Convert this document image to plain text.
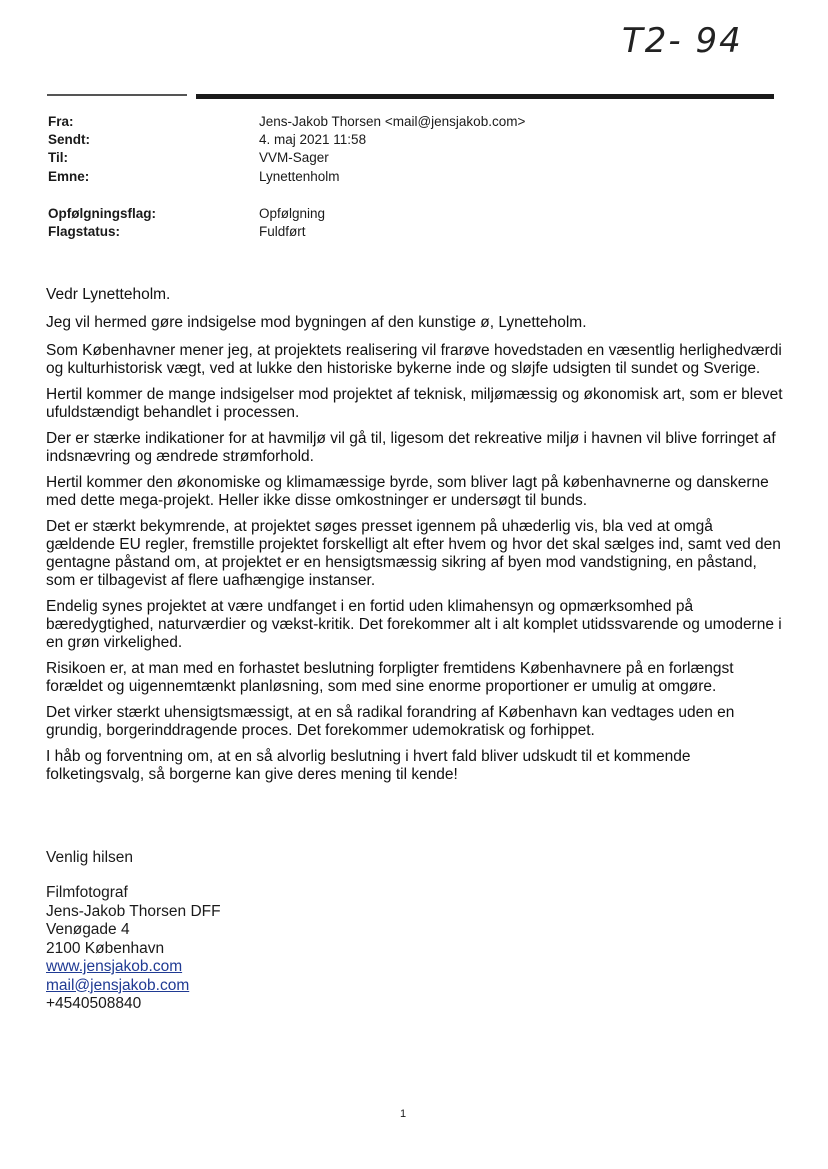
T2- 94
Fra:	Jens-Jakob Thorsen <mail@jensjakob.com>
Sendt:	4. maj 2021 11:58
Til:	VVM-Sager
Emne:	Lynettenholm
Opfølgningsflag:	Opfølgning
Flagstatus:	Fuldført

Vedr Lynetteholm.

Jeg vil hermed gøre indsigelse mod bygningen af den kunstige ø, Lynetteholm.

Som Københavner mener jeg, at projektets realisering vil frarøve hovedstaden en væsentlig herlighedværdi og kulturhistorisk vægt, ved at lukke den historiske bykerne inde og sløjfe udsigten til sundet og Sverige.

Hertil kommer de mange indsigelser mod projektet af teknisk, miljømæssig og økonomisk art, som er blevet ufuldstændigt behandlet i processen.

Der er stærke indikationer for at havmiljø vil gå til, ligesom det rekreative miljø i havnen vil blive forringet af indsnævring og ændrede strømforhold.

Hertil kommer den økonomiske og klimamæssige byrde, som bliver lagt på københavnerne og danskerne med dette mega-projekt. Heller ikke disse omkostninger er undersøgt til bunds.

Det er stærkt bekymrende, at projektet søges presset igennem på uhæderlig vis, bla ved at omgå gældende EU regler, fremstille projektet forskelligt alt efter hvem og hvor det skal sælges ind, samt ved den gentagne påstand om, at projektet er en hensigtsmæssig sikring af byen mod vandstigning, en påstand, som er tilbagevist af flere uafhængige instanser.

Endelig synes projektet at være undfanget i en fortid uden klimahensyn og opmærksomhed på bæredygtighed, naturværdier og vækst-kritik. Det forekommer alt i alt komplet utidssvarende og umoderne i en grøn virkelighed.

Risikoen er, at man med en forhastet beslutning forpligter fremtidens Københavnere på en forlængst forældet og uigennemtænkt planløsning, som med sine enorme proportioner er umulig at omgøre.

Det virker stærkt uhensigtsmæssigt, at en så radikal forandring af København kan vedtages uden en grundig, borgerinddragende proces. Det forekommer udemokratisk og forhippet.

I håb og forventning om, at en så alvorlig beslutning i hvert fald bliver udskudt til et kommende folketingsvalg, så borgerne kan give deres mening til kende!

Venlig hilsen
Filmfotograf
Jens-Jakob Thorsen DFF
Venøgade 4
2100 København
www.jensjakob.com
mail@jensjakob.com
+4540508840
1
